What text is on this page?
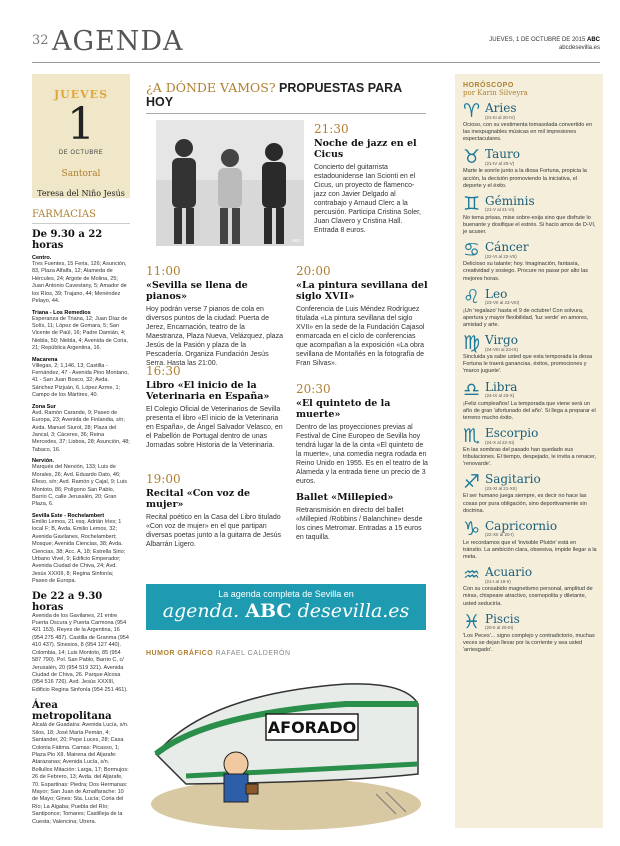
32 AGENDA	JUEVES, 1 DE OCTUBRE DE 2015 ABC
abcdesevilla.es
JUEVES
1
DE OCTUBRE
Santoral
Teresa del Niño Jesús
FARMACIAS
De 9.30 a 22 horas
Centro.
Tres Fuentes, 15 Feria, 126; Asunción, 83, Plaza Alfalfa, 12; Alameda de Hércules, 24; Argote de Molina, 25; Juan Antonio Cavestany, 5; Amador de los Ríos, 39; Trajano, 44; Menéndez Pelayo, 44.
Triana - Los Remedios
Esperanza de Triana, 12; Juan Díaz de Solís, 11; López de Gomara, 5; San Vicente de Paúl, 16; Padre Damián, 4; Niebla, 50; Niebla, 4; Avenida de Coria, 21; República Argentina, 16.
Macarena
Villegas, 2; 1,146, 13; Castilla - Fernández, 47 - Avenida Pino Montano, 41 - San Juan Bosco, 32; Avda. Sánchez Pizjuán, 6, López Azme, 1; Campo de los Mártires, 40.
Zona Sur
Avd. Ramón Carande, 9; Paseo de Europa, 23; Avenida de Finlandia, s/n; Avda. Manuel Siurot, 28; Plaza del Jancal, 3; Cáceres, 36; Reina Mercedes, 37; Lisboa, 28; Asunción, 48; Tabaco, 16.
Nervión.
Marqués del Nervión, 133; Luis de Morales, 26; Avd. Eduardo Dato, 46; Éfeso, s/n; Avd. Ramón y Cajal, 9; Luis Montoto, 86; Polígono San Pablo, Barrio C, calle Jerusalén, 20; Gran Plaza, 6.
Sevilla Este - Rochelambert
Emilio Lemos, 21 esq. Adrián Irles; 1 local F; B, Avda. Emilio Lemos, 32; Avenida Gavilanes, Rochelambert; Mosque; Avenida Ciencias, 38; Avda. Ciencias, 38; Acc. A, 18; Estrella Sirio; Urbano Vivel, 9; Edificio Emperador; Avenida Ciudad de Chiva, 24; Avd. Jesús XXXIII, 8; Regina Sinfonía; Paseo de Europa.
De 22 a 9.30 horas
Avenida de los Gavilanes, 21 entre Puerta Oscura y Puerta Carmona (954 421 153). Reyes de la Argentina, 16 (954 275 487). Castilla de Granma (954 410 437). Sinesios, 8 (954 127 440). Colombia, 14; Luis Montoto, 85 (954 587 790). Pol. San Pablo, Barrio C, c/ Jerusalén, 20 (954 519 321). Avenida Ciudad de Chiva, 26. Parque Alcosa (954 516 726). Avd. Jesús XXXIII, Edificio Regina Sinfonía (954 251 461).
Área metropolitana
Alcalá de Guadaíra: Avenida Lucía, s/n. Silos, 18; José María Pemán, 4; Santander, 20; Pepe Luces, 28; Casa Colonia Fátima. Camas: Picasso, 1; Plaza Pio XII. Mairena del Aljarafe: Atarazanas; Avenida Lucía, s/n. Bollullos Mitación: Larga, 17; Bormujos: 26 de Febrero, 13; Avda. del Aljarafe, 70. Espartinas: Piedra; Dos Hermanas: Mayor; San Juan de Aznalfarache: 10 de Mayo; Gines: Sta. Lucía; Coria del Río; La Algaba; Puebla del Río; Santiponce; Tomares; Castilleja de la Cuesta; Valencina; Utrera.
¿A DÓNDE VAMOS? PROPUESTAS PARA HOY
ABC
21:30
Noche de jazz en el Cicus
Concierto del guitarrista estadounidense Ian Scionti en el Cicus, un proyecto de flamenco-jazz con Javier Delgado al contrabajo y Arnaud Clerc a la percusión. Participa Cristina Soler, Juan Clavero y Cristina Hall. Entrada 8 euros.
11:00
«Sevilla se llena de pianos»
Hoy podrán verse 7 pianos de cola en diversos puntos de la ciudad: Puerta de Jerez, Encarnación, teatro de la Maestranza, Plaza Nueva, Velázquez, plaza Jesús de la Pasión y plaza de la Pescadería. Organiza Fundación Jesús Serra. Hasta las 21:00.
20:00
«La pintura sevillana del siglo XVII»
Conferencia de Luis Méndez Rodríguez titulada «La pintura sevillana del siglo XVII» en la sede de la Fundación Cajasol enmarcada en el ciclo de conferencias que acompañan a la exposición «La obra sevillana de Montañés en la fotografía de Fran Silvas».
16:30
Libro «El inicio de la Veterinaria en España»
El Colegio Oficial de Veterinarios de Sevilla presenta el libro «El inicio de la Veterinaria en España», de Ángel Salvador Velasco, en el Pabellón de Portugal dentro de unas Jornadas sobre Historia de la Veterinaria.
20:30
«El quinteto de la muerte»
Dentro de las proyecciones previas al Festival de Cine Europeo de Sevilla hoy tendrá lugar la de la cinta «El quinteto de la muerte», una comedia negra rodada en Reino Unido en 1955. Es en el teatro de la Alameda y la entrada tiene un precio de 3 euros.
19:00
Recital «Con voz de mujer»
Recital poético en la Casa del Libro titulado «Con voz de mujer» en el que partipan diversas poetas junto a la guitarra de Jesús Albarrán Ligero.
Ballet «Millepied»
Retransmisión en directo del ballet «Millepied /Robbins / Balanchine» desde los cines Metromar. Entradas a 15 euros en taquilla.
La agenda completa de Sevilla en
agenda. ABC desevilla.es
HUMOR GRÁFICO RAFAEL CALDERÓN
AFORADO
HORÓSCOPO
por Karin Silveyra
♈ Aries
(21-III al 20-IV)
Ocioso, con su vestimenta tomasolada convertido en las inexpugnables músicas en mil impresiones espectaculares.
♉ Tauro
(21-IV al 20-V)
Marte le sonríe junto a la diosa Fortuna, propicia la acción, la decisión promoviendo la iniciativa, el deporte y el éxito.
♊ Géminis
(21-V al 21-VI)
No tema prisas, mise sobre-exija sino que disfrute lo buenante y dosifique el estrés. Si hacio amos de D-VI, je acuser.
♋ Cáncer
(22-VI al 22-VII)
Delicioso su talante; hoy. Imaginación, fantasía, creatividad y sosiego. Procure no pasar por alto las mejores horas.
♌ Leo
(23-VII al 23-VIII)
¡Un 'regalazo' hasta el 9 de octubre! Con solvura, apertura y mayor flexibilidad, 'luz verde' en amores, amistad y arte.
♍ Virgo
(24-VIII al 23-IX)
Sincluida ya sabe usted que esta temporada la diosa Fortuna le traerá ganancias, éxitos, promociones y 'marco juguete'.
♎ Libra
(24-IX al 23-X)
¡Feliz cumpleaños! La temporada que viene será un año de gran 'afortunado del año'. Si llega a preparar el terreno mucho éxito.
♏ Escorpio
(24-X al 22-XI)
En las sombras del pasado han quedado sus tribulaciones. El tiempo, despejado, le invita a renacer, 'renovarde'.
♐ Sagitario
(23-XI al 21-XII)
El ser humano juega siempre, es decir no hace las cosas por pura obligación, sino deportivamente sin doctrina.
♑ Capricornio
(22-XII al 20-I)
Le recordamos que el 'invisible Plutón' está en tránsito. La ambición clara, obsesiva, impide llegar a la meta.
♒ Acuario
(21-I al 19-II)
Con su consabido magnetismo personal, amplitud de miras, chispeare atractivo, cosmopolita y diletante, usted seduciría.
♓ Piscis
(20-II al 20-III)
'Los Peces'... signo complejo y contradictorio, muchas veces se dejan llevar por la corriente y sea usted 'arriesgado'.
